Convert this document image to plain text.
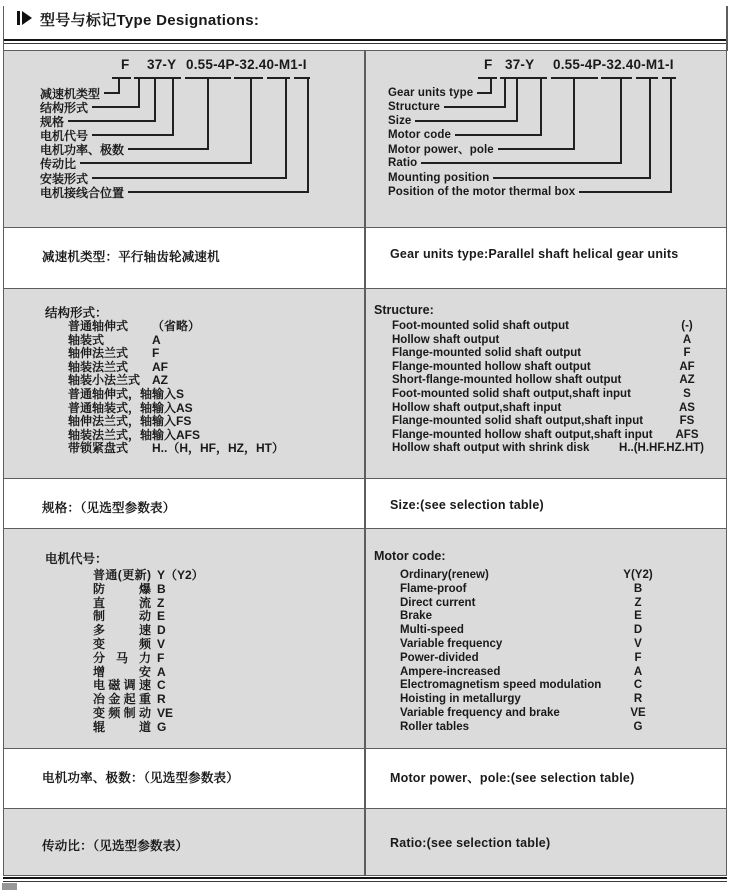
型号与标记Type Designations:
F 37-Y 0.55-4P-32.40-M1-I
减速机类型
结构形式
规格
电机代号
电机功率、极数
传动比
安装形式
电机接线合位置
F 37-Y 0.55-4P-32.40-M1-I
Gear units type
Structure
Size
Motor code
Motor power、pole
Ratio
Mounting position
Position of the motor thermal box
减速机类型：平行轴齿轮减速机	Gear units type:Parallel shaft helical gear units
结构形式：
普通轴伸式 （省略）
轴装式	A
轴伸法兰式 F
轴装法兰式 AF
轴装小法兰式 AZ
普通轴伸式，轴输入S
普通轴装式，轴输入AS
轴伸法兰式，轴输入FS
轴装法兰式，轴输入AFS
带锁紧盘式 H..（H，HF，HZ，HT）
Structure:
Foot-mounted solid shaft output	(-)
Hollow shaft output	A
Flange-mounted solid shaft output	F
Flange-mounted hollow shaft output	AF
Short-flange-mounted hollow shaft output	AZ
Foot-mounted solid shaft output,shaft input	S
Hollow shaft output,shaft input	AS
Flange-mounted solid shaft output,shaft input	FS
Flange-mounted hollow shaft output,shaft input	AFS
Hollow shaft output with shrink disk	H..(H.HF.HZ.HT)
规格：（见选型参数表）	Size:(see selection table)
电机代号：
普通(更新) Y（Y2）
防爆 B
直流 Z
制动 E
多速 D
变频 V
分马力 F
增安 A
电磁调速 C
冶金起重 R
变频制动 VE
辊道 G
Motor code:
Ordinary(renew)	Y(Y2)
Flame-proof	B
Direct current	Z
Brake	E
Multi-speed	D
Variable frequency	V
Power-divided	F
Ampere-increased	A
Electromagnetism speed modulation	C
Hoisting in metallurgy	R
Variable frequency and brake	VE
Roller tables	G
电机功率、极数：（见选型参数表）	Motor power、pole:(see selection table)
传动比：（见选型参数表）	Ratio:(see selection table)
